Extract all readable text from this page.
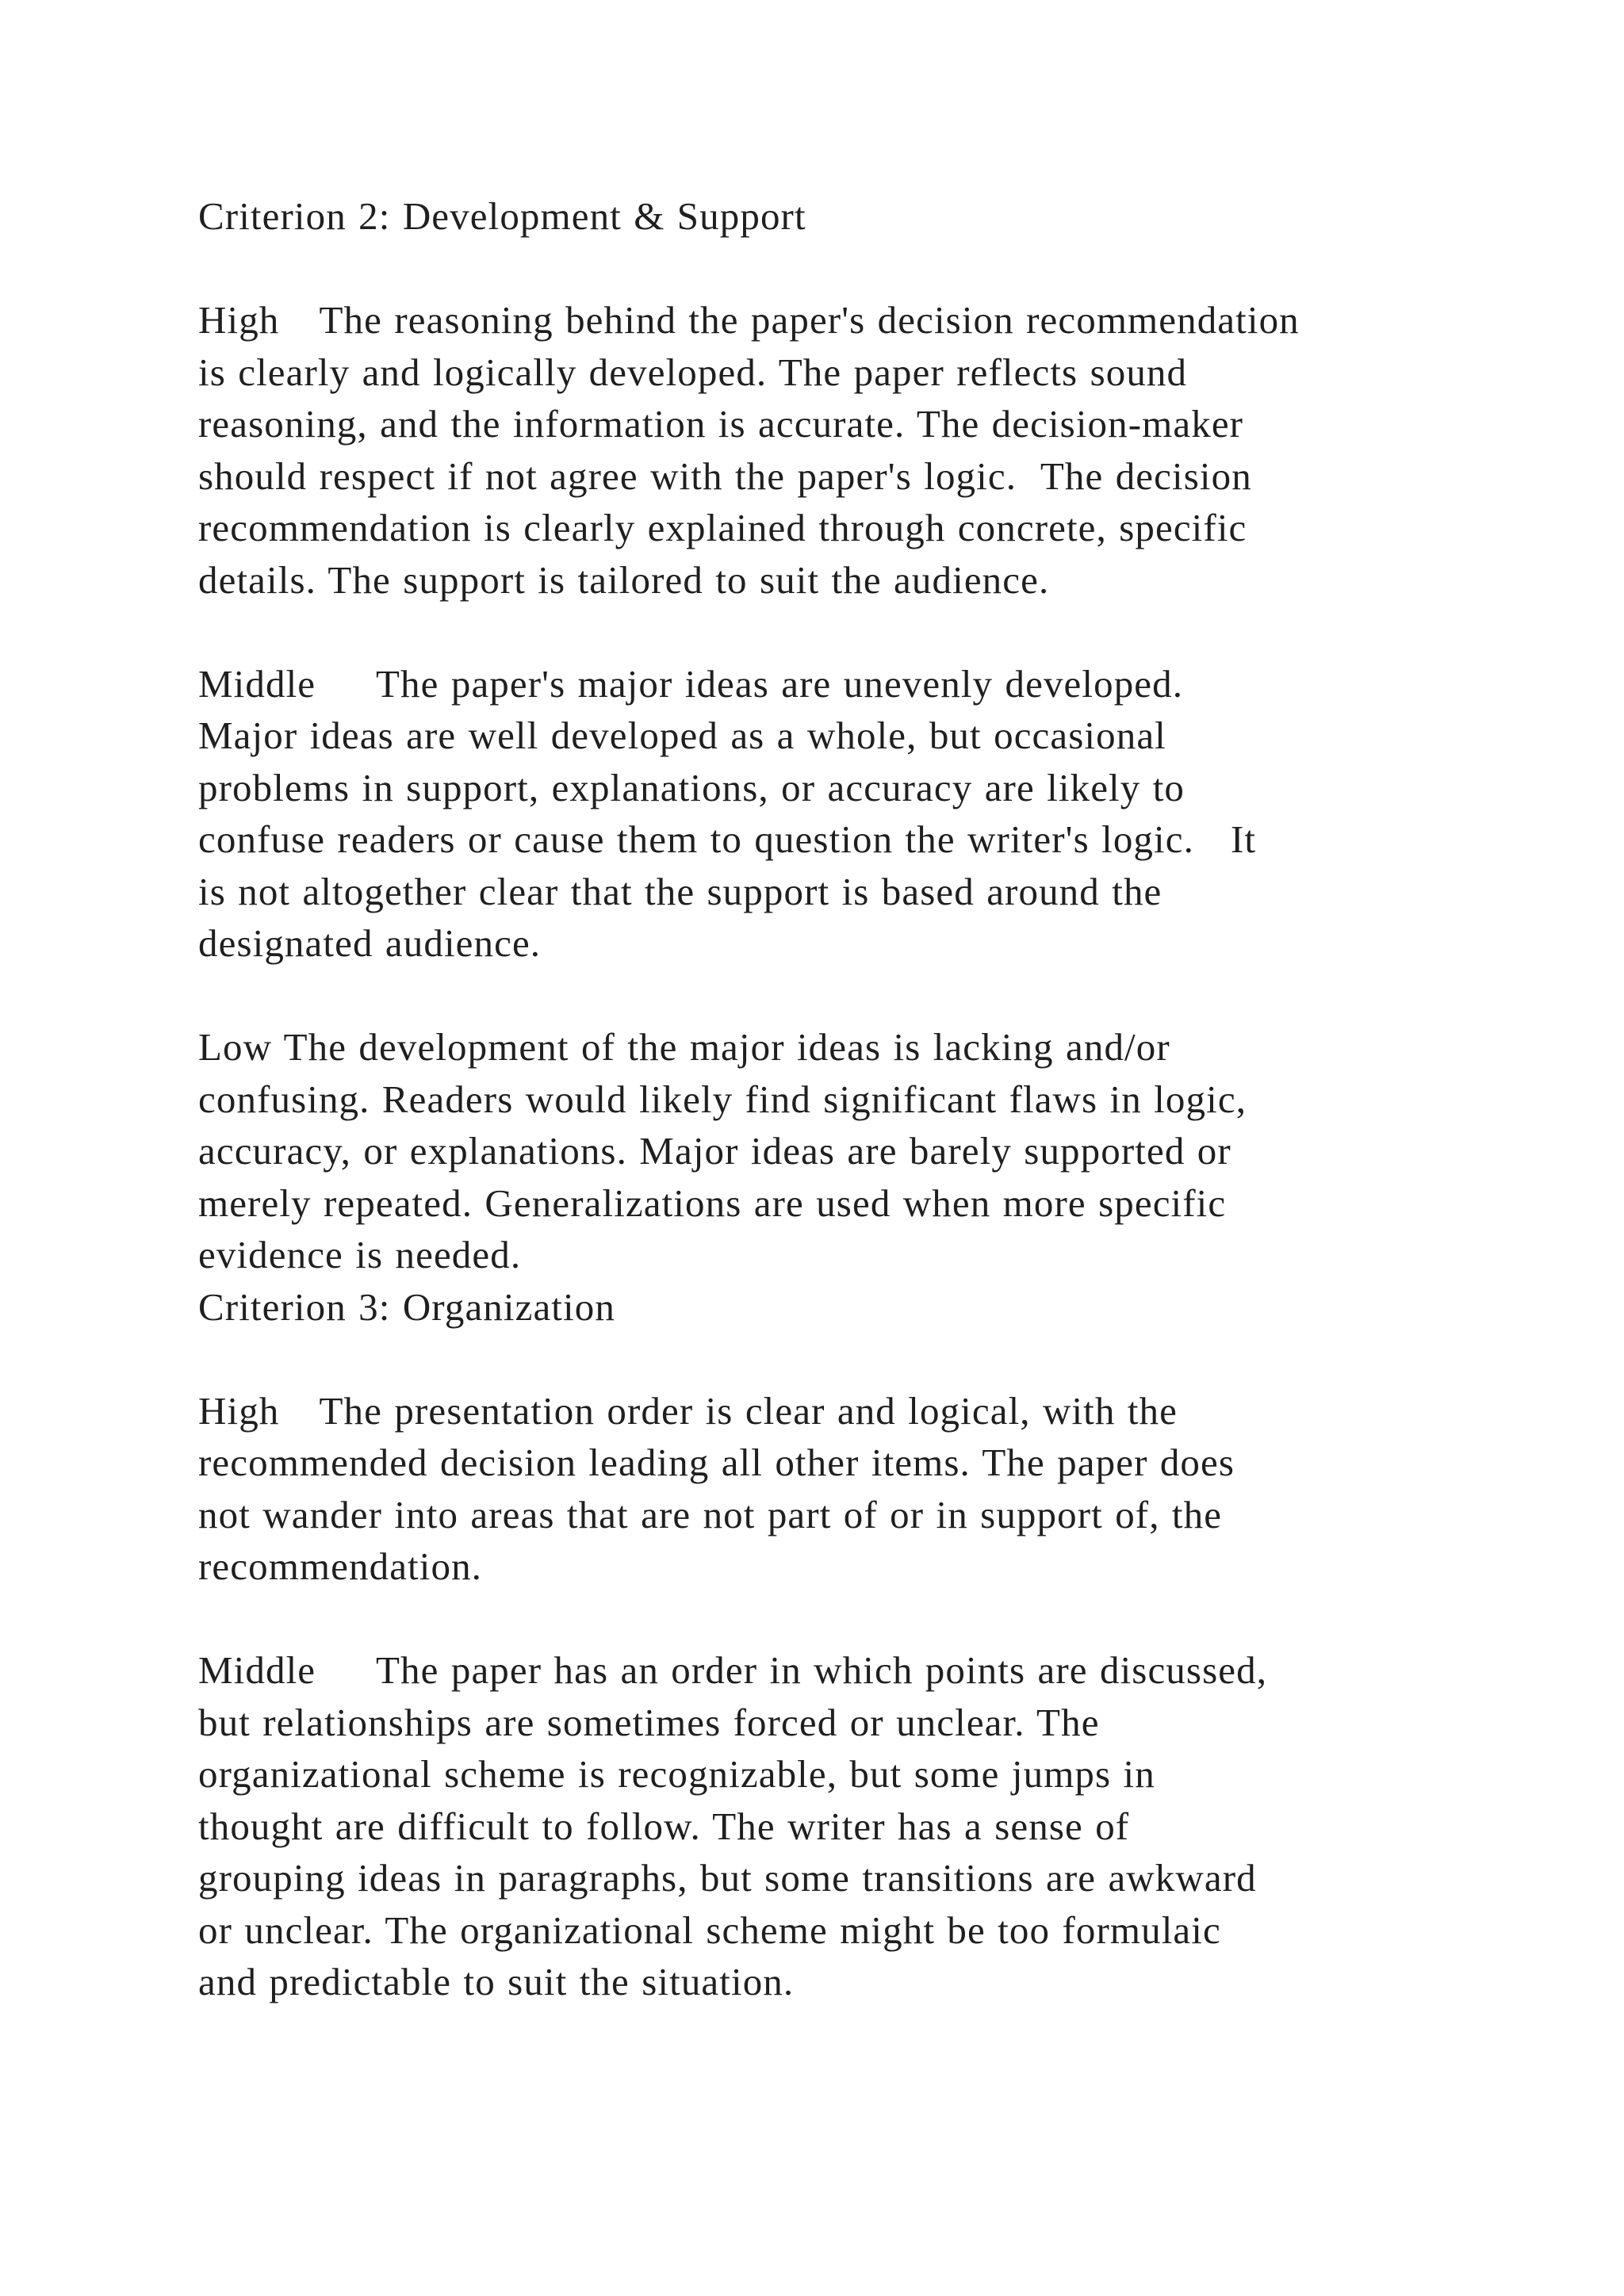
Criterion 2: Development & Support
High The reasoning behind the paper's decision recommendation
is clearly and logically developed. The paper reflects sound
reasoning, and the information is accurate. The decision-maker
should respect if not agree with the paper's logic.  The decision
recommendation is clearly explained through concrete, specific
details. The support is tailored to suit the audience.
Middle     The paper's major ideas are unevenly developed.
Major ideas are well developed as a whole, but occasional
problems in support, explanations, or accuracy are likely to
confuse readers or cause them to question the writer's logic.   It
is not altogether clear that the support is based around the
designated audience.
Low The development of the major ideas is lacking and/or
confusing. Readers would likely find significant flaws in logic,
accuracy, or explanations. Major ideas are barely supported or
merely repeated. Generalizations are used when more specific
evidence is needed.
Criterion 3: Organization
High The presentation order is clear and logical, with the
recommended decision leading all other items. The paper does
not wander into areas that are not part of or in support of, the
recommendation.
Middle     The paper has an order in which points are discussed,
but relationships are sometimes forced or unclear. The
organizational scheme is recognizable, but some jumps in
thought are difficult to follow. The writer has a sense of
grouping ideas in paragraphs, but some transitions are awkward
or unclear. The organizational scheme might be too formulaic
and predictable to suit the situation.
